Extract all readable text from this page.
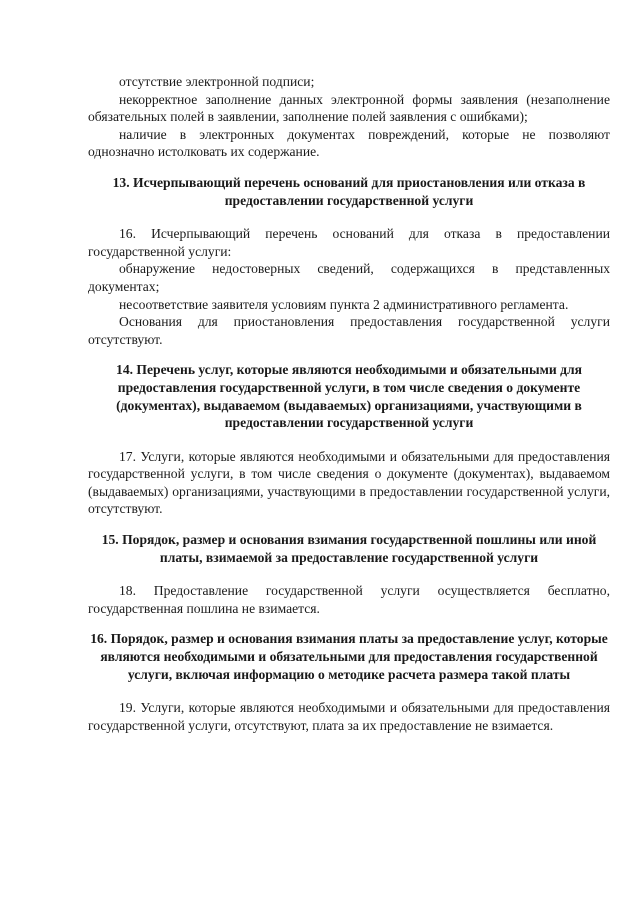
отсутствие электронной подписи;

некорректное заполнение данных электронной формы заявления (незаполнение обязательных полей в заявлении, заполнение полей заявления с ошибками);

наличие в электронных документах повреждений, которые не позволяют однозначно истолковать их содержание.

13. Исчерпывающий перечень оснований для приостановления или отказа в предоставлении государственной услуги

16. Исчерпывающий перечень оснований для отказа в предоставлении государственной услуги:

обнаружение недостоверных сведений, содержащихся в представленных документах;

несоответствие заявителя условиям пункта 2 административного регламента.

Основания для приостановления предоставления государственной услуги отсутствуют.

14. Перечень услуг, которые являются необходимыми и обязательными для предоставления государственной услуги, в том числе сведения о документе (документах), выдаваемом (выдаваемых) организациями, участвующими в предоставлении государственной услуги

17. Услуги, которые являются необходимыми и обязательными для предоставления государственной услуги, в том числе сведения о документе (документах), выдаваемом (выдаваемых) организациями, участвующими в предоставлении государственной услуги, отсутствуют.

15. Порядок, размер и основания взимания государственной пошлины или иной платы, взимаемой за предоставление государственной услуги

18. Предоставление государственной услуги осуществляется бесплатно, государственная пошлина не взимается.

16. Порядок, размер и основания взимания платы за предоставление услуг, которые являются необходимыми и обязательными для предоставления государственной услуги, включая информацию о методике расчета размера такой платы

19. Услуги, которые являются необходимыми и обязательными для предоставления государственной услуги, отсутствуют, плата за их предоставление не взимается.
